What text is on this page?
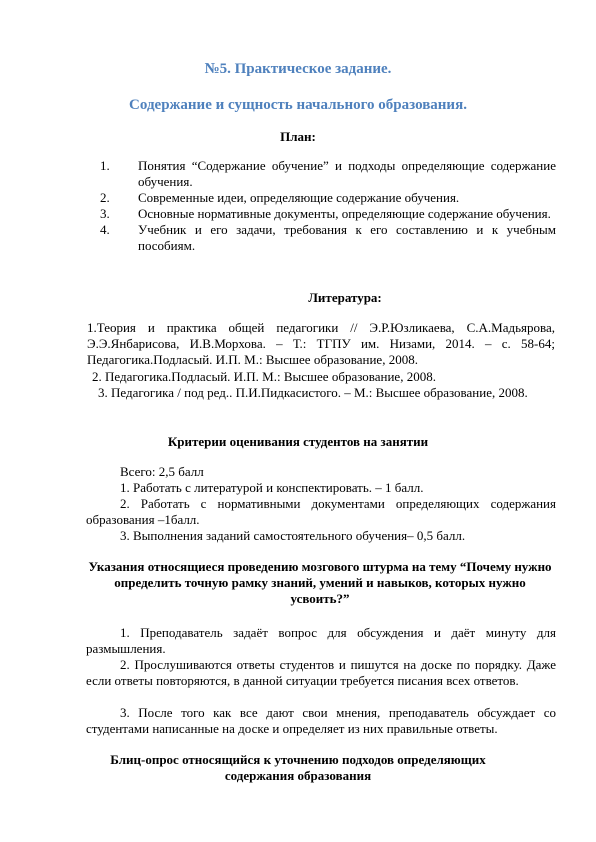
№5. Практическое задание.
Содержание и сущность начального образования.
План:
1. Понятия “Содержание обучение” и подходы определяющие содержание обучения.
2. Современные идеи, определяющие содержание обучения.
3. Основные нормативные документы, определяющие содержание обучения.
4. Учебник и его задачи, требования к его составлению и к учебным пособиям.
Литература:
1.Теория и практика общей педагогики // Э.Р.Юзликаева, С.А.Мадьярова, Э.Э.Янбарисова, И.В.Морхова. – Т.: ТГПУ им. Низами, 2014. – с. 58-64; Педагогика.Подласый. И.П. М.: Высшее образование, 2008.
2. Педагогика.Подласый. И.П. М.: Высшее образование, 2008.
3. Педагогика / под ред.. П.И.Пидкасистого. – М.: Высшее образование, 2008.
Критерии оценивания студентов на занятии
Всего: 2,5 балл
1. Работать с литературой и конспектировать. – 1 балл.
2. Работать с нормативными документами определяющих содержания образования –1балл.
3. Выполнения заданий самостоятельного обучения– 0,5 балл.
Указания относящиеся проведению мозгового штурма на тему “Почему нужно определить точную рамку знаний, умений и навыков, которых нужно усвоить?”
1. Преподаватель задаёт вопрос для обсуждения и даёт минуту для размышления.
2. Прослушиваются ответы студентов и пишутся на доске по порядку. Даже если ответы повторяются, в данной ситуации требуется писания всех ответов.
3. После того как все дают свои мнения, преподаватель обсуждает со студентами написанные на доске и определяет из них правильные ответы.
Блиц-опрос относящийся к уточнению подходов определяющих содержания образования
